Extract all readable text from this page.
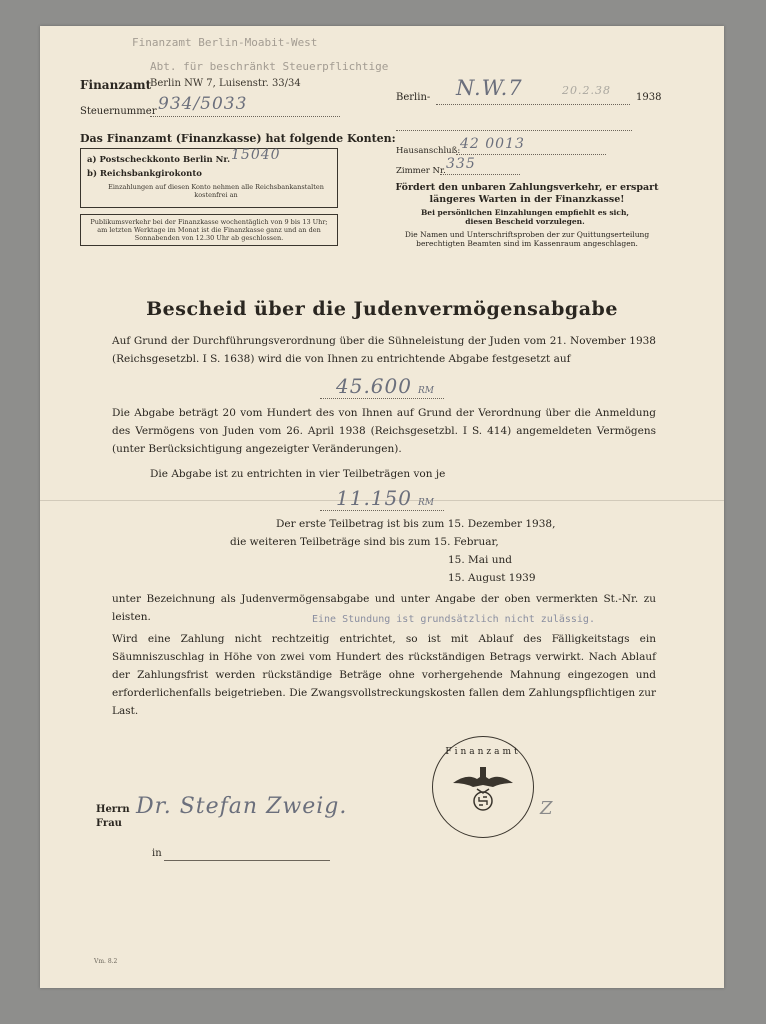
Finanzamt Berlin-Moabit-West
Abt. für beschränkt Steuerpflichtige
Finanzamt
Berlin NW 7, Luisenstr. 33/34
Steuernummer 934/5033	Berlin- N.W.7	20.2.38
1938
Das Finanzamt (Finanzkasse) hat folgende Konten:
a) Postscheckkonto Berlin Nr. 15040
b) Reichsbankgirokonto
Einzahlungen auf diesen Konto nehmen alle Reichsbankanstalten kostenfrei an
Publikumsverkehr bei der Finanzkasse wochentäglich von 9 bis 13 Uhr; am letzten Werktage im Monat ist die Finanzkasse ganz und an den Sonnabenden von 12.30 Uhr ab geschlossen.
Hausanschluß: 42 0013
Zimmer Nr. 335
Fördert den unbaren Zahlungsverkehr, er erspart längeres Warten in der Finanzkasse!
Bei persönlichen Einzahlungen empfiehlt es sich, diesen Bescheid vorzulegen.
Die Namen und Unterschriftsproben der zur Quittungserteilung berechtigten Beamten sind im Kassenraum angeschlagen.
Bescheid über die Judenvermögensabgabe
Auf Grund der Durchführungsverordnung über die Sühneleistung der Juden vom 21. November 1938 (Reichsgesetzbl. I S. 1638) wird die von Ihnen zu entrichtende Abgabe festgesetzt auf
45.600 RM
Die Abgabe beträgt 20 vom Hundert des von Ihnen auf Grund der Verordnung über die Anmeldung des Vermögens von Juden vom 26. April 1938 (Reichsgesetzbl. I S. 414) angemeldeten Vermögens (unter Berücksichtigung angezeigter Veränderungen).
Die Abgabe ist zu entrichten in vier Teilbeträgen von je
11.150 RM
Der erste Teilbetrag ist bis zum 15. Dezember 1938,
die weiteren Teilbeträge sind bis zum 15. Februar,
15. Mai und
15. August 1939
unter Bezeichnung als Judenvermögensabgabe und unter Angabe der oben vermerkten St.-Nr. zu leisten.	Eine Stundung ist grundsätzlich nicht zulässig.
Wird eine Zahlung nicht rechtzeitig entrichtet, so ist mit Ablauf des Fälligkeitstags ein Säumniszuschlag in Höhe von zwei vom Hundert des rückständigen Betrags verwirkt. Nach Ablauf der Zahlungsfrist werden rückständige Beträge ohne vorhergehende Mahnung eingezogen und erforderlichenfalls beigetrieben. Die Zwangsvollstreckungskosten fallen dem Zahlungspflichtigen zur Last.
Finanzamt
Herrn
Frau
Dr. Stefan Zweig.
in
Z
Vm. 8.2
